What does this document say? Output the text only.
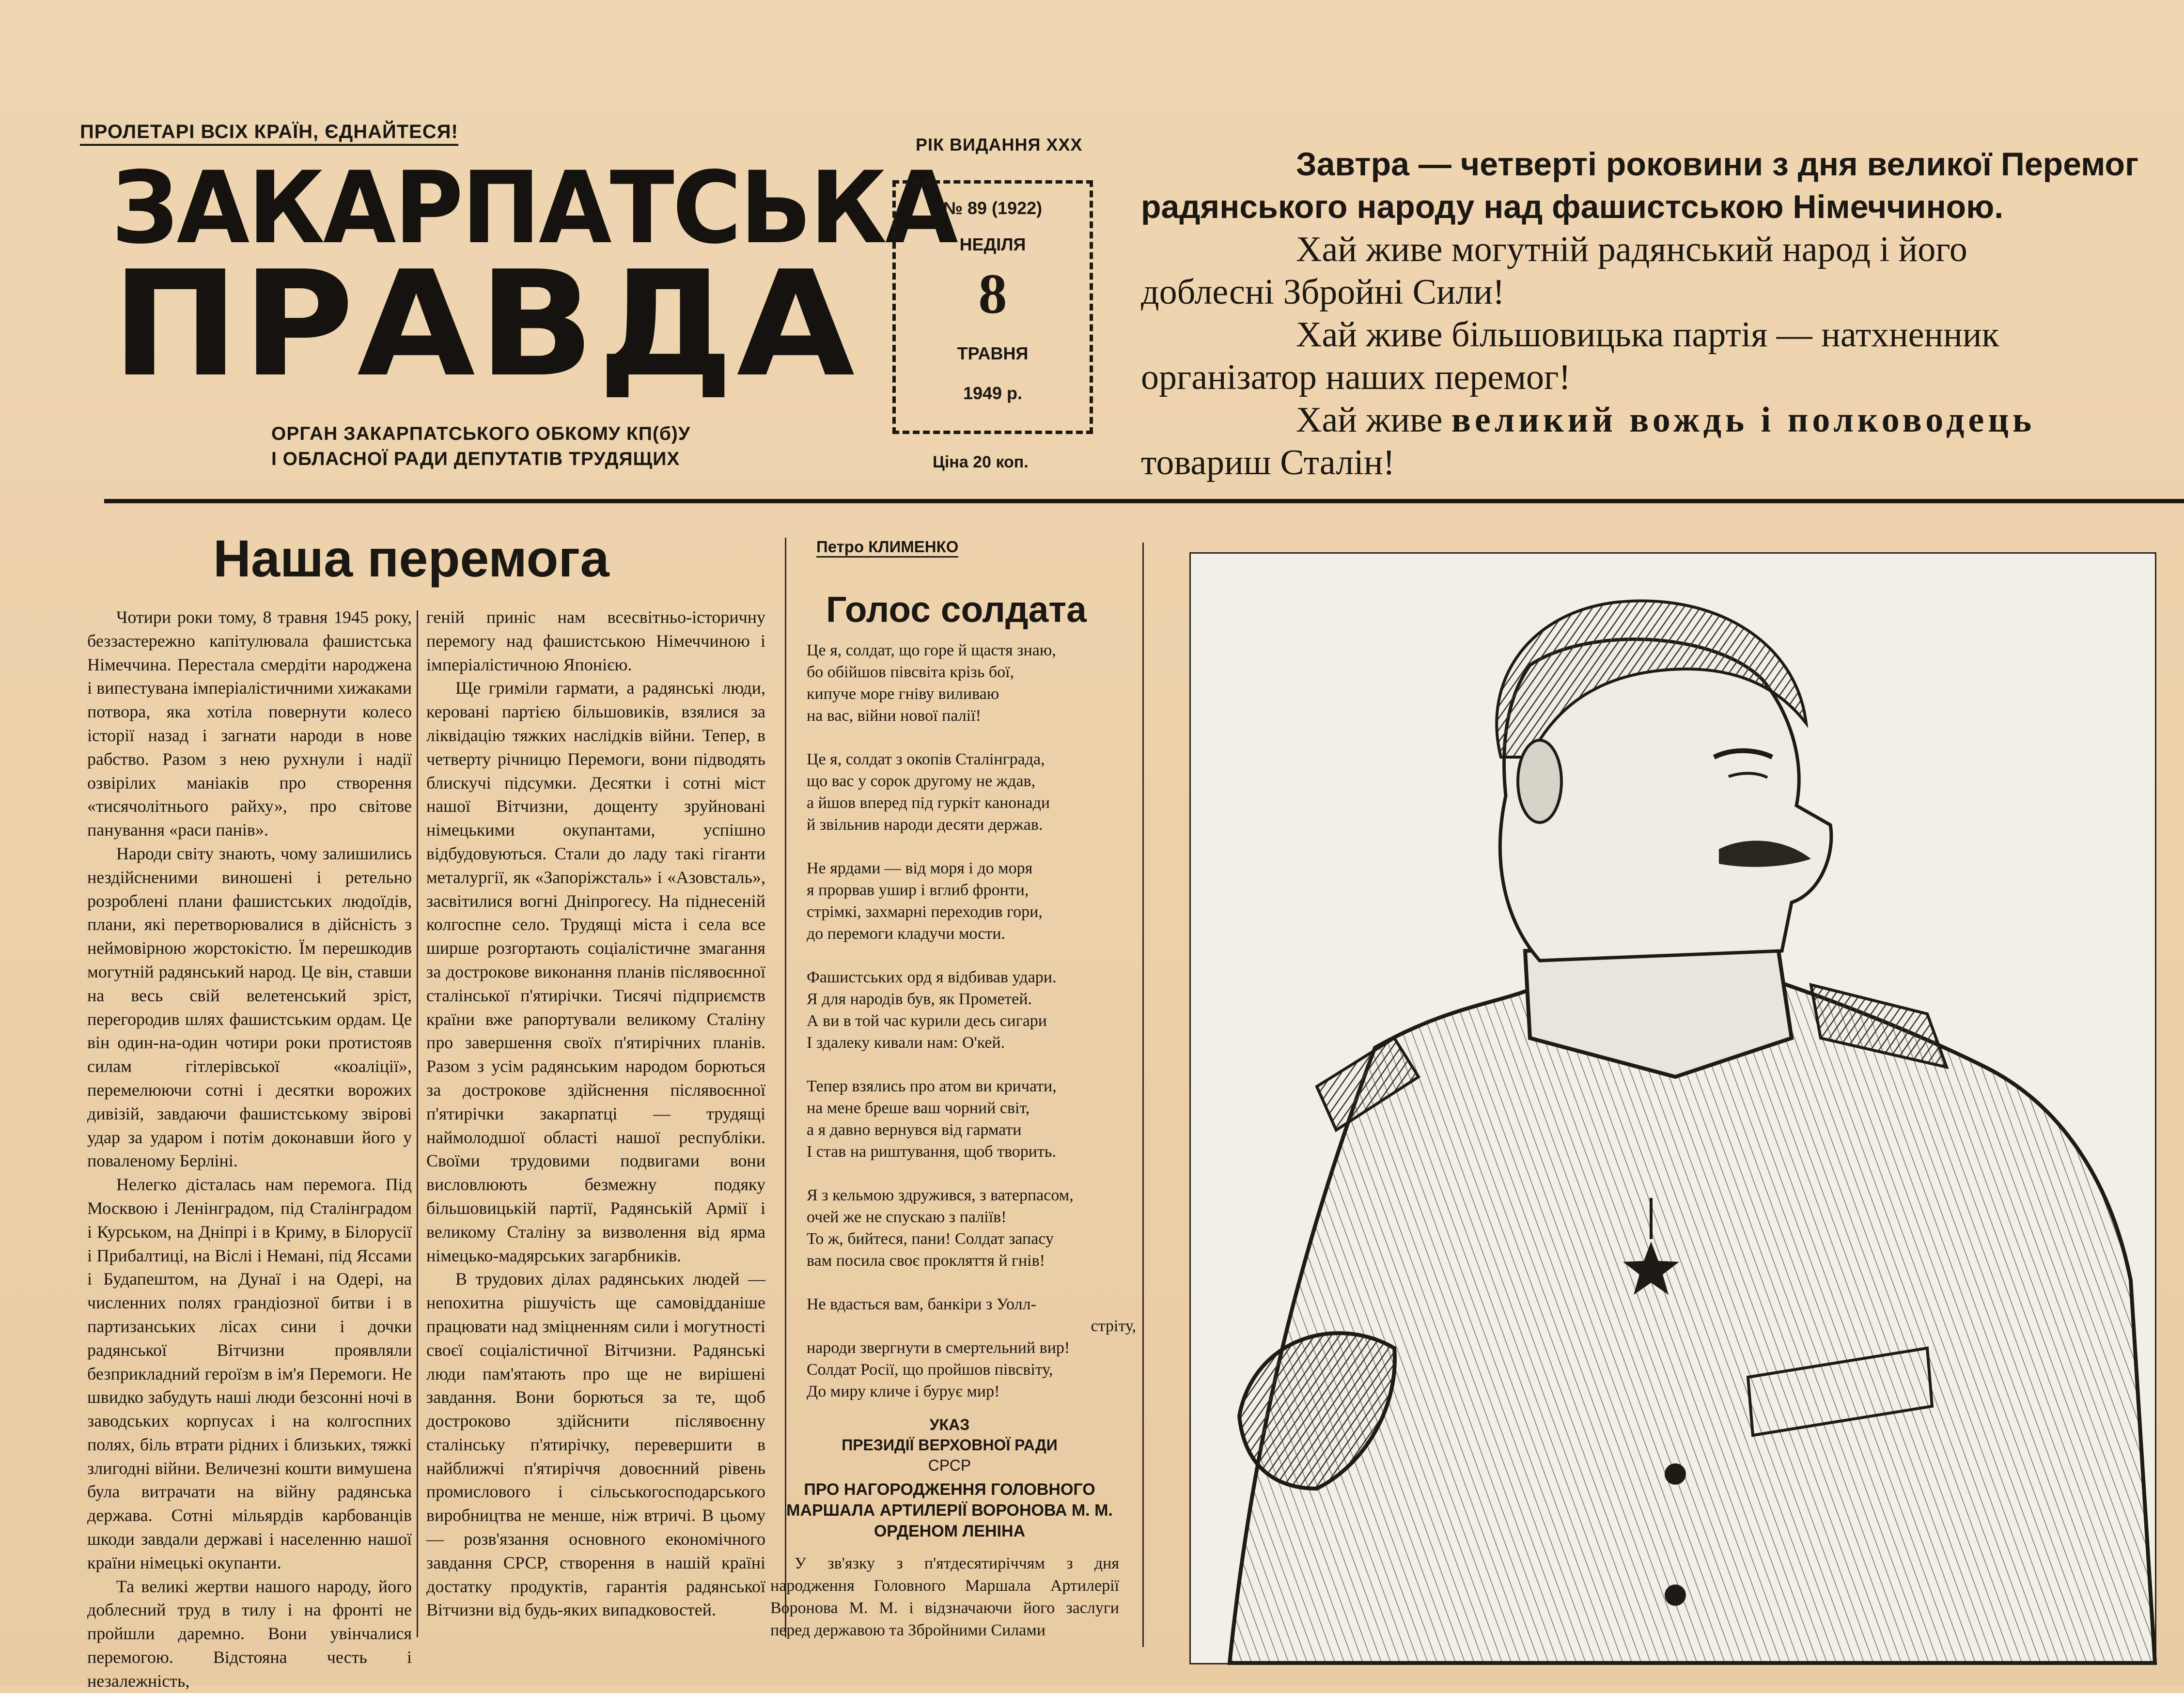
ПРОЛЕТАРІ ВСІХ КРАЇН, ЄДНАЙТЕСЯ!
ЗАКАРПАТСЬКА
ПРАВДА
ОРГАН ЗАКАРПАТСЬКОГО ОБКОМУ КП(б)У
І ОБЛАСНОЇ РАДИ ДЕПУТАТІВ ТРУДЯЩИХ
РІК ВИДАННЯ XXX
№ 89 (1922)
НЕДІЛЯ
8
ТРАВНЯ
1949 р.
Ціна 20 коп.
Завтра — четверті роковини з дня великої Перемог
радянського народу над фашистською Німеччиною.
Хай живе могутній радянський народ і його
доблесні Збройні Сили!
Хай живе більшовицька партія — натхненник
організатор наших перемог!
Хай живе великий вождь і полководець
товариш Сталін!
Наша перемога

Чотири роки тому, 8 травня 1945 року, беззастережно капітулювала фашистська Німеччина. Перестала смердіти народжена і випестувана імперіалістичними хижаками потвора, яка хотіла повернути колесо історії назад і загнати народи в нове рабство. Разом з нею рухнули і надії озвірілих маніаків про створення «тисячолітнього райху», про світове панування «раси панів».

Народи світу знають, чому залишились нездійсненими виношені і ретельно розроблені плани фашистських людоїдів, плани, які перетворювалися в дійсність з неймовірною жорстокістю. Їм перешкодив могутній радянський народ. Це він, ставши на весь свій велетенський зріст, перегородив шлях фашистським ордам. Це він один-на-один чотири роки протистояв силам гітлерівської «коаліції», перемелюючи сотні і десятки ворожих дивізій, завдаючи фашистському звірові удар за ударом і потім доконавши його у поваленому Берліні.

Нелегко дісталась нам перемога. Під Москвою і Ленінградом, під Сталінградом і Курськом, на Дніпрі і в Криму, в Білорусії і Прибалтиці, на Віслі і Немані, під Яссами і Будапештом, на Дунаї і на Одері, на численних полях грандіозної битви і в партизанських лісах сини і дочки радянської Вітчизни проявляли безприкладний героїзм в ім'я Перемоги. Не швидко забудуть наші люди безсонні ночі в заводських корпусах і на колгоспних полях, біль втрати рідних і близьких, тяжкі злигодні війни. Величезні кошти вимушена була витрачати на війну радянська держава. Сотні мільярдів карбованців шкоди завдали державі і населенню нашої країни німецькі окупанти.

Та великі жертви нашого народу, його доблесний труд в тилу і на фронті не пройшли даремно. Вони увінчалися перемогою. Відстояна честь і незалежність,

геній приніс нам всесвітньо-історичну перемогу над фашистською Німеччиною і імперіалістичною Японією.

Ще гриміли гармати, а радянські люди, керовані партією більшовиків, взялися за ліквідацію тяжких наслідків війни. Тепер, в четверту річницю Перемоги, вони підводять блискучі підсумки. Десятки і сотні міст нашої Вітчизни, дощенту зруйновані німецькими окупантами, успішно відбудовуються. Стали до ладу такі гіганти металургії, як «Запоріжсталь» і «Азовсталь», засвітилися вогні Дніпрогесу. На піднесеній колгоспне село. Трудящі міста і села все ширше розгортають соціалістичне змагання за дострокове виконання планів післявоєнної сталінської п'ятирічки. Тисячі підприємств країни вже рапортували великому Сталіну про завершення своїх п'ятирічних планів. Разом з усім радянським народом борються за дострокове здійснення післявоєнної п'ятирічки закарпатці — трудящі наймолодшої області нашої республіки. Своїми трудовими подвигами вони висловлюють безмежну подяку більшовицькій партії, Радянській Армії і великому Сталіну за визволення від ярма німецько-мадярських загарбників.

В трудових ділах радянських людей — непохитна рішучість ще самовідданіше працювати над зміцненням сили і могутності своєї соціалістичної Вітчизни. Радянські люди пам'ятають про ще не вирішені завдання. Вони борються за те, щоб достроково здійснити післявоєнну сталінську п'ятирічку, перевершити в найближчі п'ятиріччя довоєнний рівень промислового і сільськогосподарського виробництва не менше, ніж втричі. В цьому — розв'язання основного економічного завдання СРСР, створення в нашій країні достатку продуктів, гарантія радянської Вітчизни від будь-яких випадковостей.

Петро КЛИМЕНКО
Голос солдата
Це я, солдат, що горе й щастя знаю,
бо обійшов півсвіта крізь бої,
кипуче море гніву виливаю
на вас, війни нової палії!
Це я, солдат з окопів Сталінграда,
що вас у сорок другому не ждав,
а йшов вперед під гуркіт канонади
й звільнив народи десяти держав.
Не ярдами — від моря і до моря
я прорвав ушир і вглиб фронти,
стрімкі, захмарні переходив гори,
до перемоги кладучи мости.
Фашистських орд я відбивав удари.
Я для народів був, як Прометей.
А ви в той час курили десь сигари
І здалеку кивали нам: О'кей.
Тепер взялись про атом ви кричати,
на мене бреше ваш чорний світ,
а я давно вернувся від гармати
І став на риштування, щоб творить.
Я з кельмою здружився, з ватерпасом,
очей же не спускаю з паліїв!
То ж, бийтеся, пани! Солдат запасу
вам посила своє прокляття й гнів!
Не вдасться вам, банкіри з Уолл-
стріту,
народи звергнути в смертельний вир!
Солдат Росії, що пройшов півсвіту,
До миру кличе і бурує мир!
УКАЗ
ПРЕЗИДІЇ ВЕРХОВНОЇ РАДИ
СРСР
ПРО НАГОРОДЖЕННЯ ГОЛОВНОГО
МАРШАЛА АРТИЛЕРІЇ ВОРОНОВА М. М.
ОРДЕНОМ ЛЕНІНА
У зв'язку з п'ятдесятиріччям з дня народження Головного Маршала Артилерії Воронова М. М. і відзначаючи його заслуги перед державою та Збройними Силами
